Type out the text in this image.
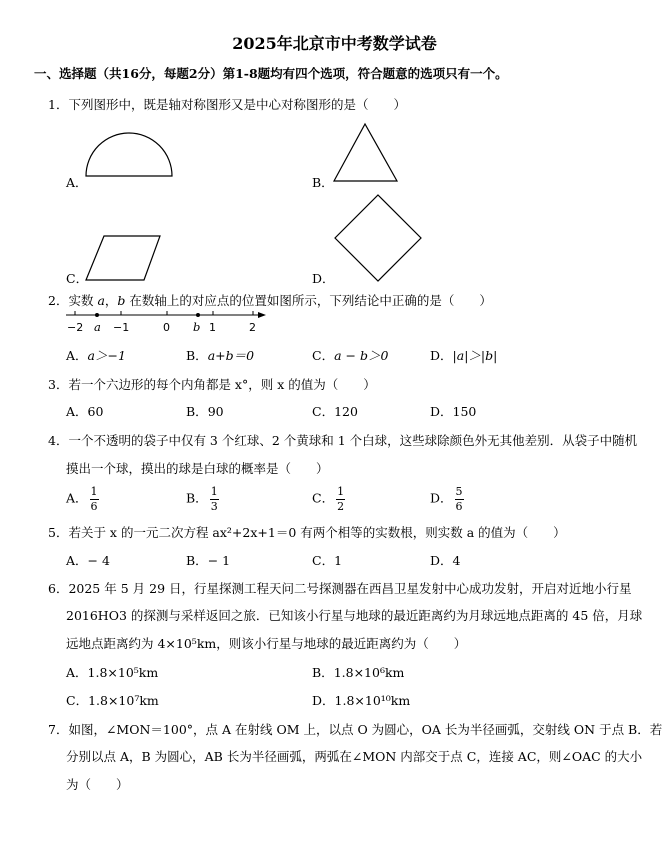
2025年北京市中考数学试卷
一、选择题（共16分，每题2分）第1-8题均有四个选项，符合题意的选项只有一个。
1．下列图形中，既是轴对称图形又是中心对称图形的是（　　）
A．	B．
C．	D．
2．实数 a，b 在数轴上的对应点的位置如图所示，下列结论中正确的是（　　）
−2	−1	0	1	2
a	b
A．a＞−1	B．a+b＝0	C．a − b＞0	D．|a|＞|b|
3．若一个六边形的每个内角都是 x°，则 x 的值为（　　）
A．60	B．90	C．120	D．150
4．一个不透明的袋子中仅有 3 个红球、2 个黄球和 1 个白球，这些球除颜色外无其他差别．从袋子中随机
摸出一个球，摸出的球是白球的概率是（　　）
A． $\frac{1}{6}$	B． $\frac{1}{3}$	C． $\frac{1}{2}$	D． $\frac{5}{6}$
5．若关于 x 的一元二次方程 ax²+2x+1＝0 有两个相等的实数根，则实数 a 的值为（　　）
A．− 4	B．− 1	C．1	D．4
6．2025 年 5 月 29 日，行星探测工程天问二号探测器在西昌卫星发射中心成功发射，开启对近地小行星
2016HO3 的探测与采样返回之旅．已知该小行星与地球的最近距离约为月球远地点距离的 45 倍，月球
远地点距离约为 4×10⁵km，则该小行星与地球的最近距离约为（　　）
A．1.8×10⁵km	B．1.8×10⁶km
C．1.8×10⁷km	D．1.8×10¹⁰km
7．如图，∠MON＝100°，点 A 在射线 OM 上，以点 O 为圆心，OA 长为半径画弧，交射线 ON 于点 B．若
分别以点 A，B 为圆心，AB 长为半径画弧，两弧在∠MON 内部交于点 C，连接 AC，则∠OAC 的大小
为（　　）
